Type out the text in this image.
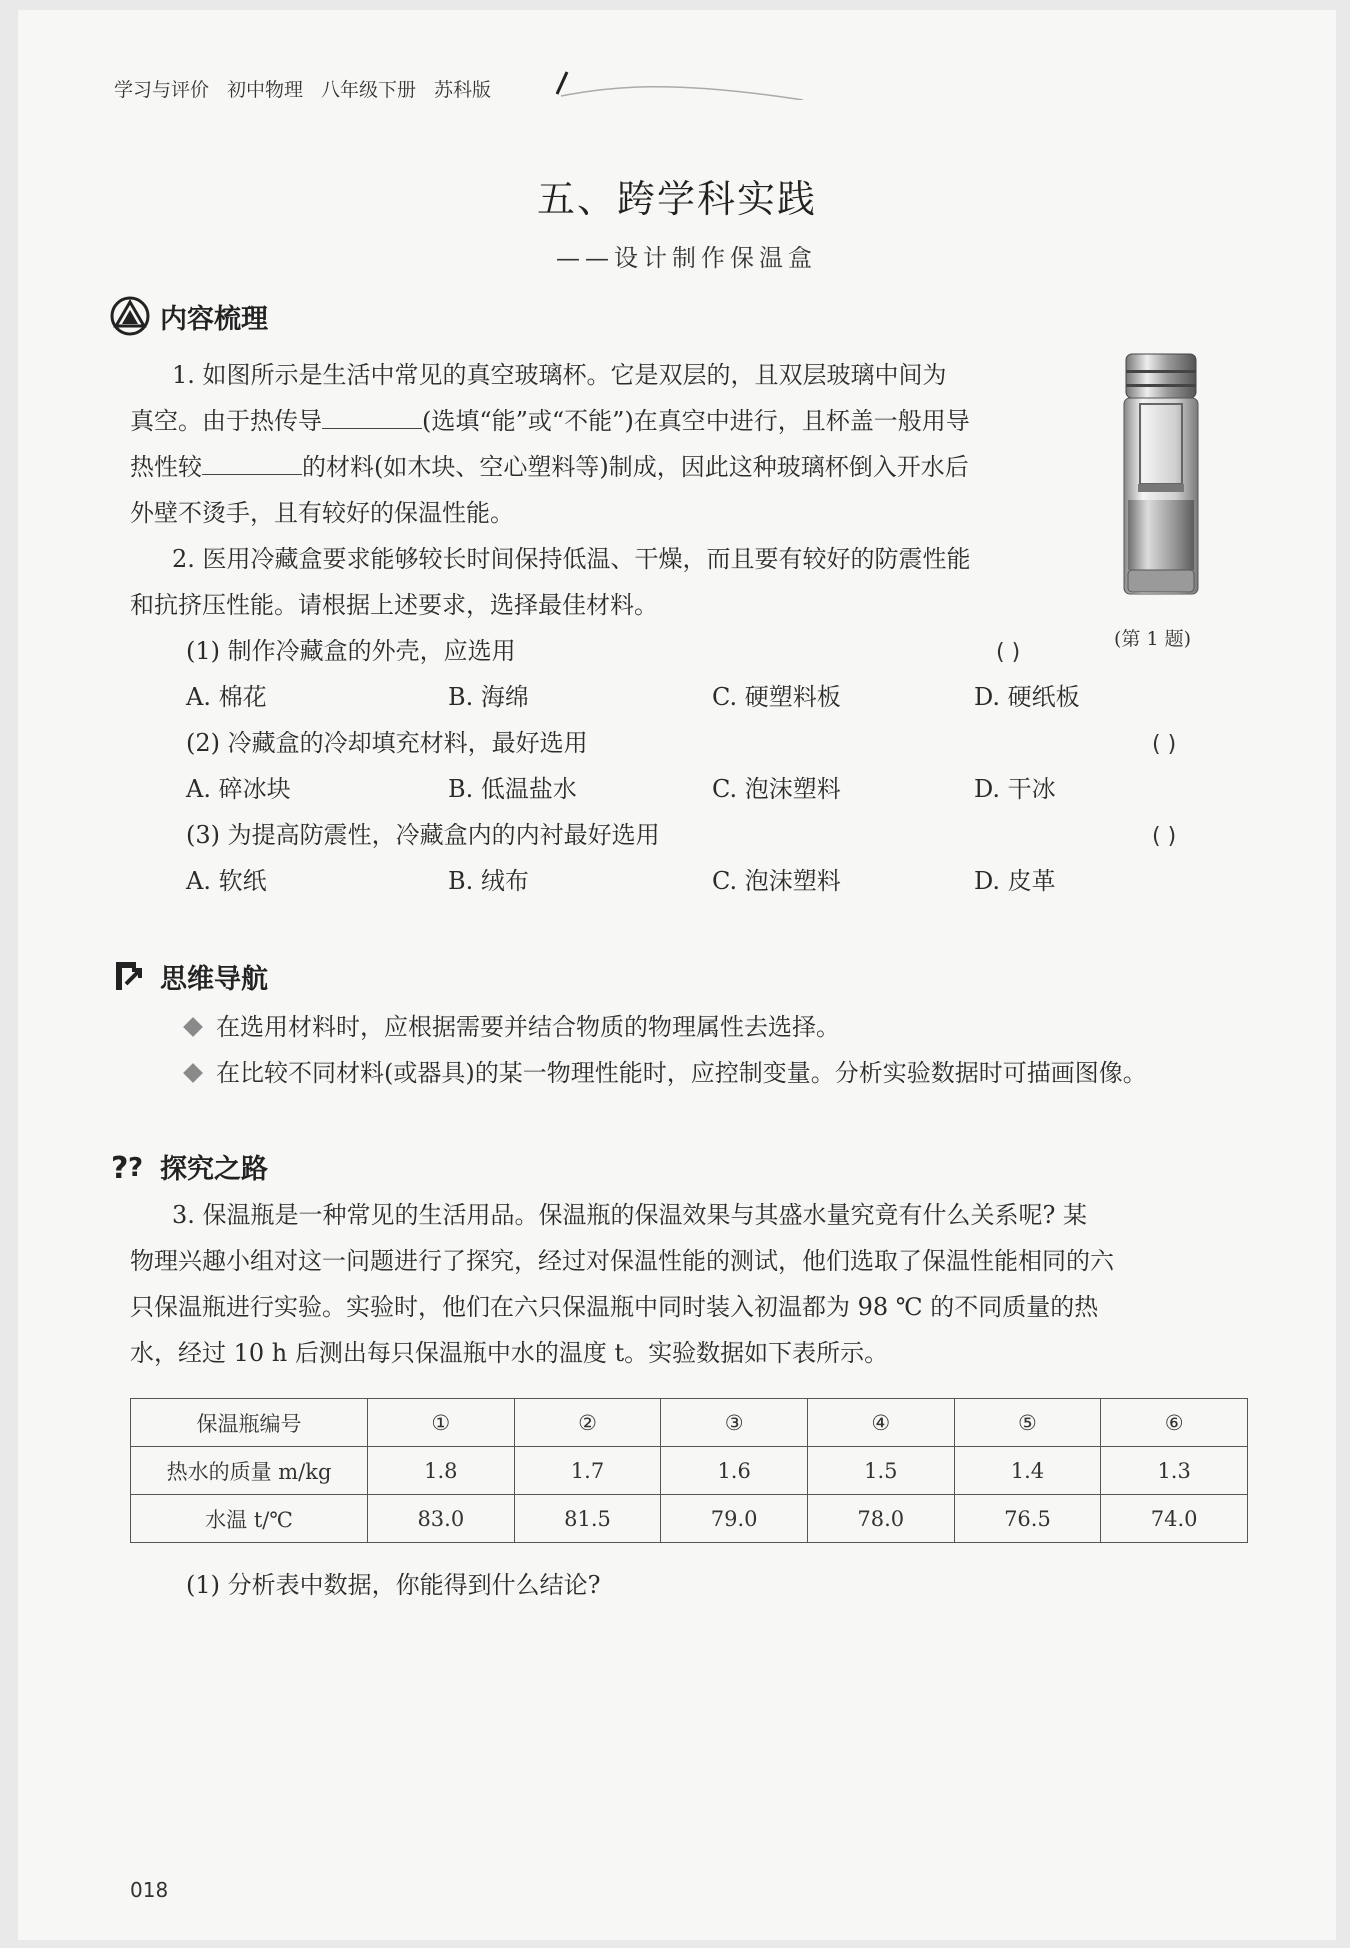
学习与评价 初中物理 八年级下册 苏科版
五、跨学科实践
——设计制作保温盒
内容梳理
1. 如图所示是生活中常见的真空玻璃杯。它是双层的，且双层玻璃中间为
真空。由于热传导	(选填“能”或“不能”)在真空中进行，且杯盖一般用导
热性较	的材料(如木块、空心塑料等)制成，因此这种玻璃杯倒入开水后
外壁不烫手，且有较好的保温性能。
2. 医用冷藏盒要求能够较长时间保持低温、干燥，而且要有较好的防震性能
和抗挤压性能。请根据上述要求，选择最佳材料。
(1) 制作冷藏盒的外壳，应选用	( )
A. 棉花	B. 海绵	C. 硬塑料板	D. 硬纸板
(2) 冷藏盒的冷却填充材料，最好选用	( )
A. 碎冰块	B. 低温盐水	C. 泡沫塑料	D. 干冰
(3) 为提高防震性，冷藏盒内的内衬最好选用	( )
A. 软纸	B. 绒布	C. 泡沫塑料	D. 皮革
(第 1 题)
思维导航
在选用材料时，应根据需要并结合物质的物理属性去选择。
在比较不同材料(或器具)的某一物理性能时，应控制变量。分析实验数据时可描画图像。
? ? 探究之路
3. 保温瓶是一种常见的生活用品。保温瓶的保温效果与其盛水量究竟有什么关系呢? 某
物理兴趣小组对这一问题进行了探究，经过对保温性能的测试，他们选取了保温性能相同的六
只保温瓶进行实验。实验时，他们在六只保温瓶中同时装入初温都为 98 ℃ 的不同质量的热
水，经过 10 h 后测出每只保温瓶中水的温度 t。实验数据如下表所示。
保温瓶编号	①	②	③	④	⑤	⑥
热水的质量 m/kg	1.8	1.7	1.6	1.5	1.4	1.3
水温 t/℃	83.0	81.5	79.0	78.0	76.5	74.0
(1) 分析表中数据，你能得到什么结论?
018
